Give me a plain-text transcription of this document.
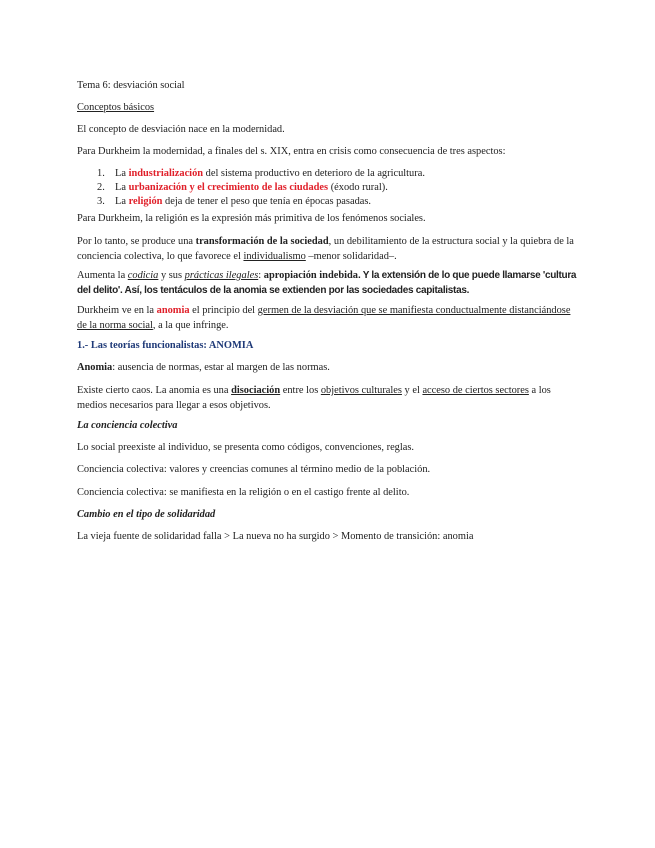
Tema 6: desviación social

Conceptos básicos

El concepto de desviación nace en la modernidad.

Para Durkheim la modernidad, a finales del s. XIX, entra en crisis como consecuencia de tres aspectos:

1. La industrialización del sistema productivo en deterioro de la agricultura.
2. La urbanización y el crecimiento de las ciudades (éxodo rural).
3. La religión deja de tener el peso que tenía en épocas pasadas.

Para Durkheim, la religión es la expresión más primitiva de los fenómenos sociales.

Por lo tanto, se produce una transformación de la sociedad, un debilitamiento de la estructura social y la quiebra de la conciencia colectiva, lo que favorece el individualismo –menor solidaridad–.

Aumenta la codicia y sus prácticas ilegales: apropiación indebida. Y la extensión de lo que puede llamarse 'cultura del delito'. Así, los tentáculos de la anomia se extienden por las sociedades capitalistas.

Durkheim ve en la anomia el principio del germen de la desviación que se manifiesta conductualmente distanciándose de la norma social, a la que infringe.

1.- Las teorías funcionalistas: ANOMIA

Anomia: ausencia de normas, estar al margen de las normas.

Existe cierto caos. La anomia es una disociación entre los objetivos culturales y el acceso de ciertos sectores a los medios necesarios para llegar a esos objetivos.

La conciencia colectiva

Lo social preexiste al individuo, se presenta como códigos, convenciones, reglas.

Conciencia colectiva: valores y creencias comunes al término medio de la población.

Conciencia colectiva: se manifiesta en la religión o en el castigo frente al delito.

Cambio en el tipo de solidaridad

La vieja fuente de solidaridad falla > La nueva no ha surgido > Momento de transición: anomia
